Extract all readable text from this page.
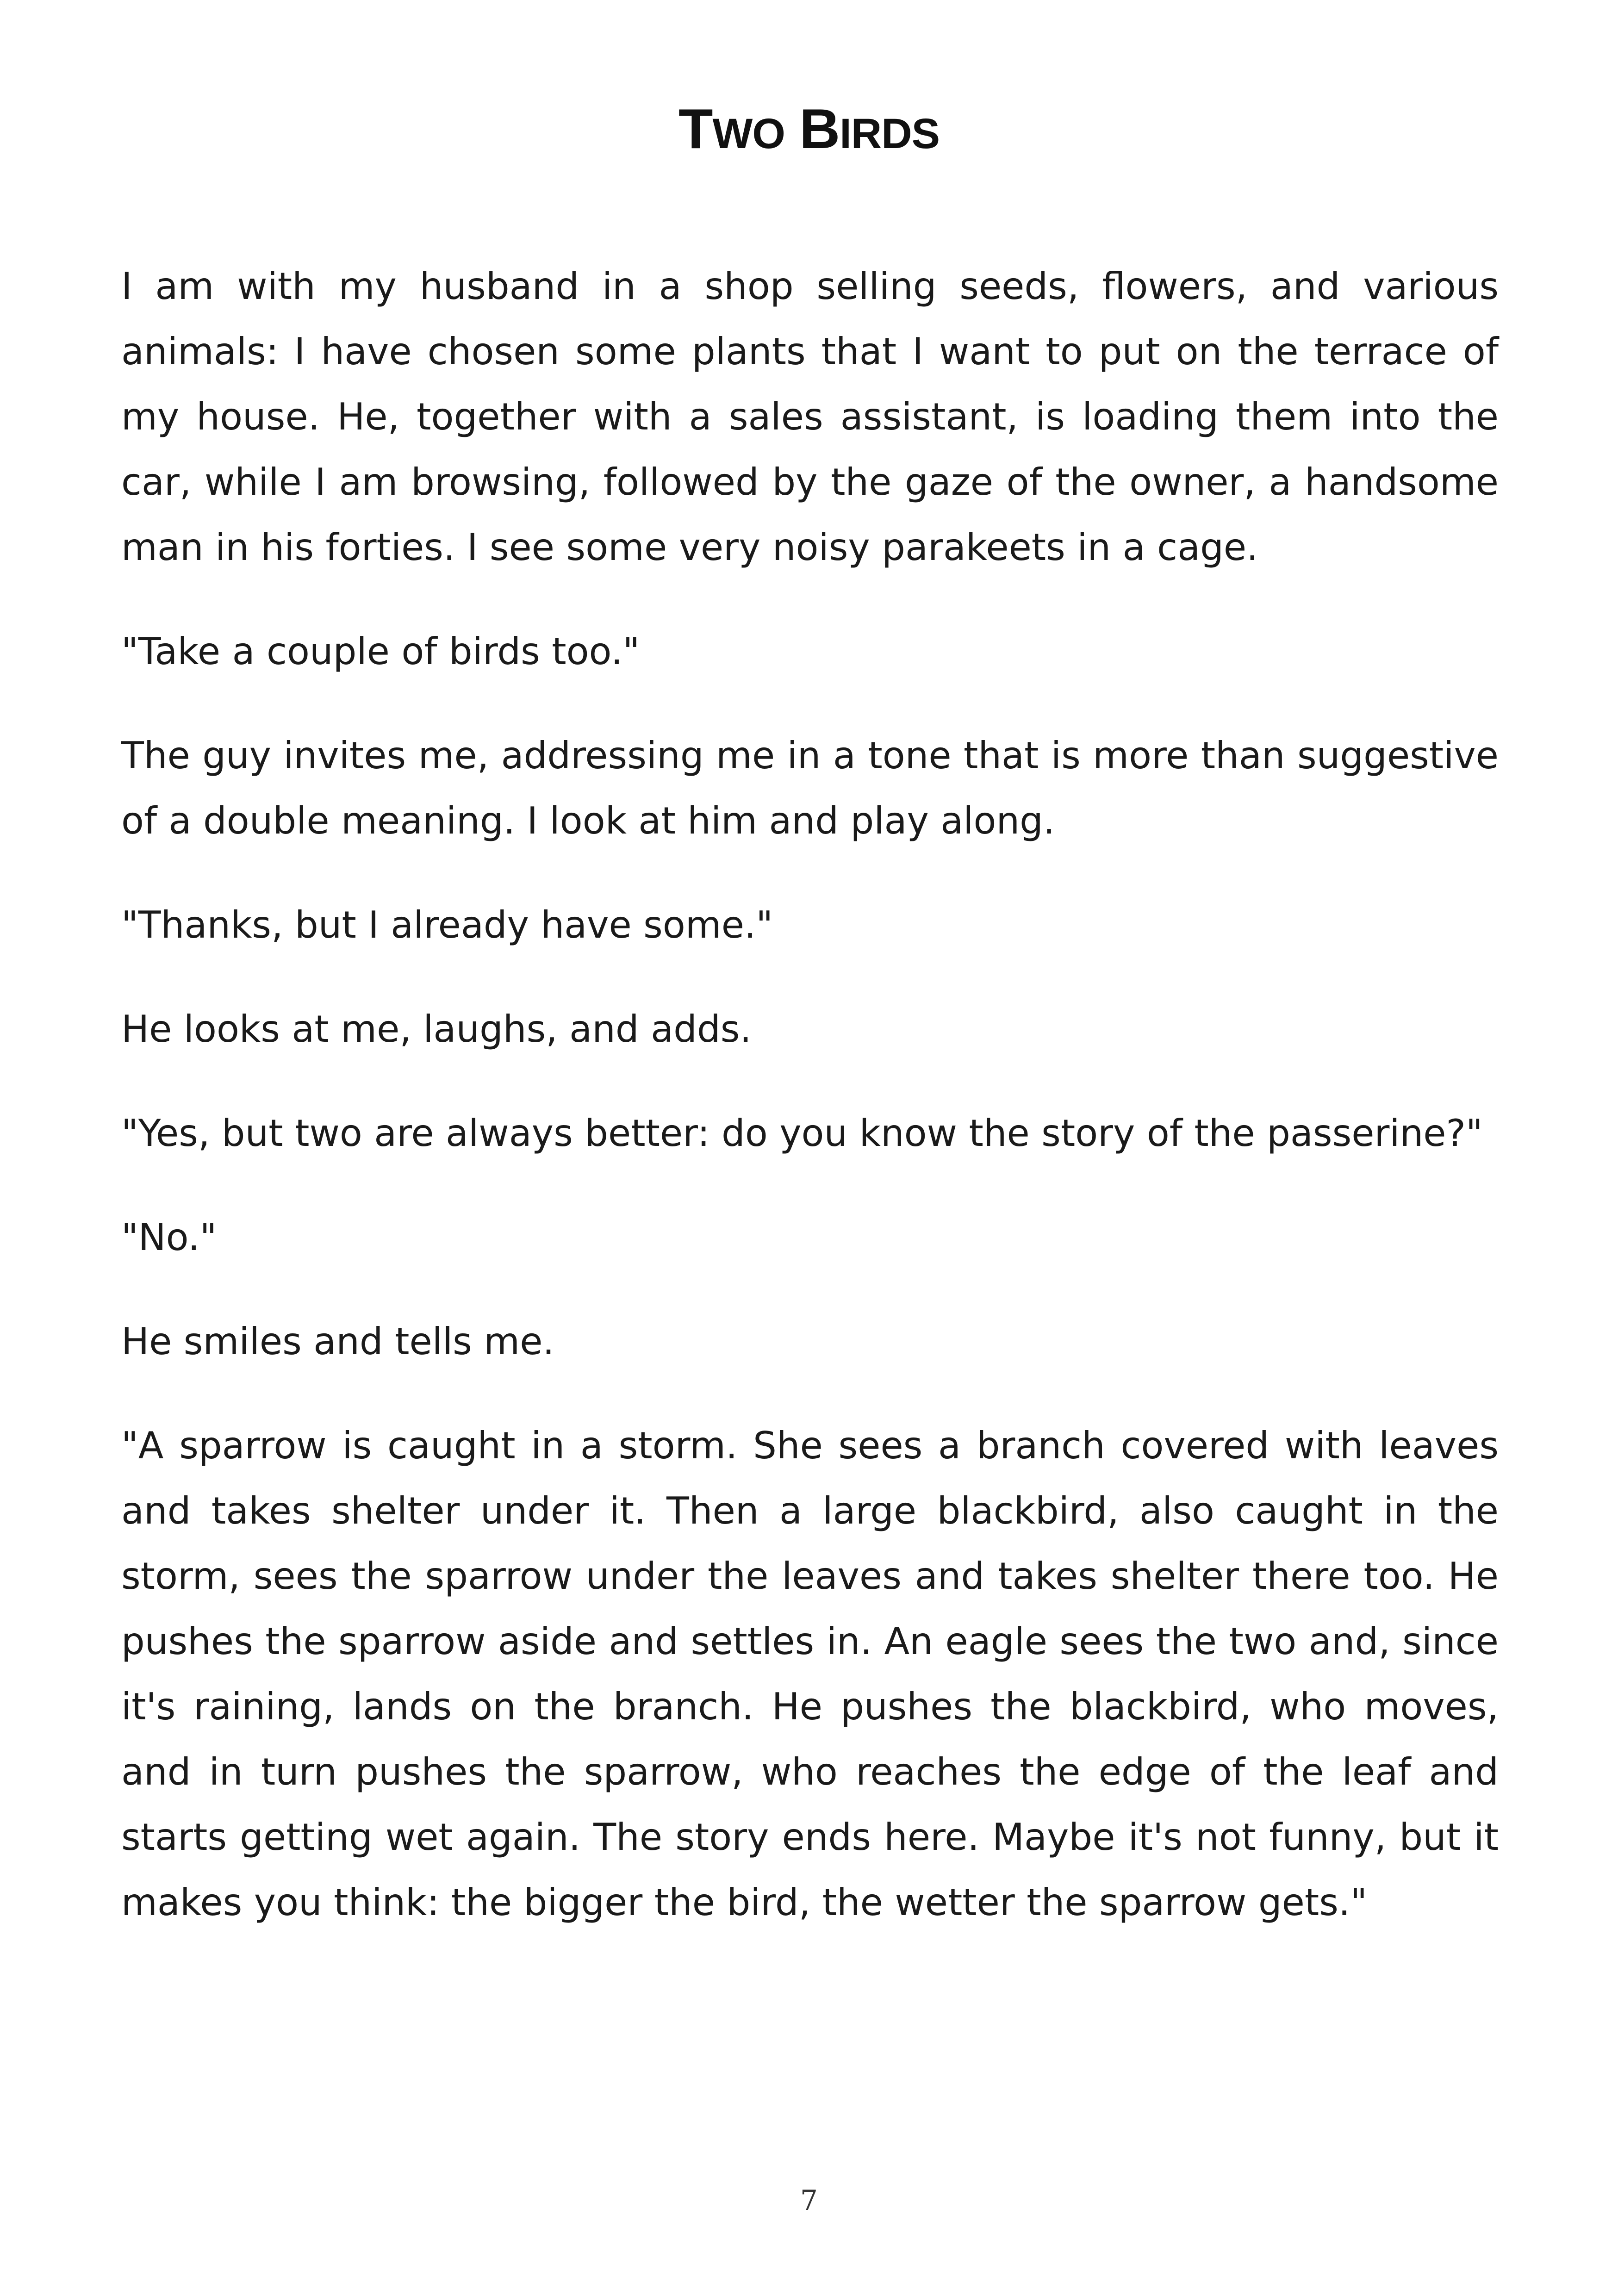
TWO BIRDS

I am with my husband in a shop selling seeds, flowers, and various animals: I have chosen some plants that I want to put on the terrace of my house. He, together with a sales assistant, is loading them into the car, while I am browsing, followed by the gaze of the owner, a handsome man in his forties. I see some very noisy parakeets in a cage.

"Take a couple of birds too."

The guy invites me, addressing me in a tone that is more than suggestive of a double meaning. I look at him and play along.

"Thanks, but I already have some."

He looks at me, laughs, and adds.

"Yes, but two are always better: do you know the story of the passerine?"

"No."

He smiles and tells me.

"A sparrow is caught in a storm. She sees a branch covered with leaves and takes shelter under it. Then a large blackbird, also caught in the storm, sees the sparrow under the leaves and takes shelter there too. He pushes the sparrow aside and settles in. An eagle sees the two and, since it's raining, lands on the branch. He pushes the blackbird, who moves, and in turn pushes the sparrow, who reaches the edge of the leaf and starts getting wet again. The story ends here. Maybe it's not funny, but it makes you think: the bigger the bird, the wetter the sparrow gets."

7
